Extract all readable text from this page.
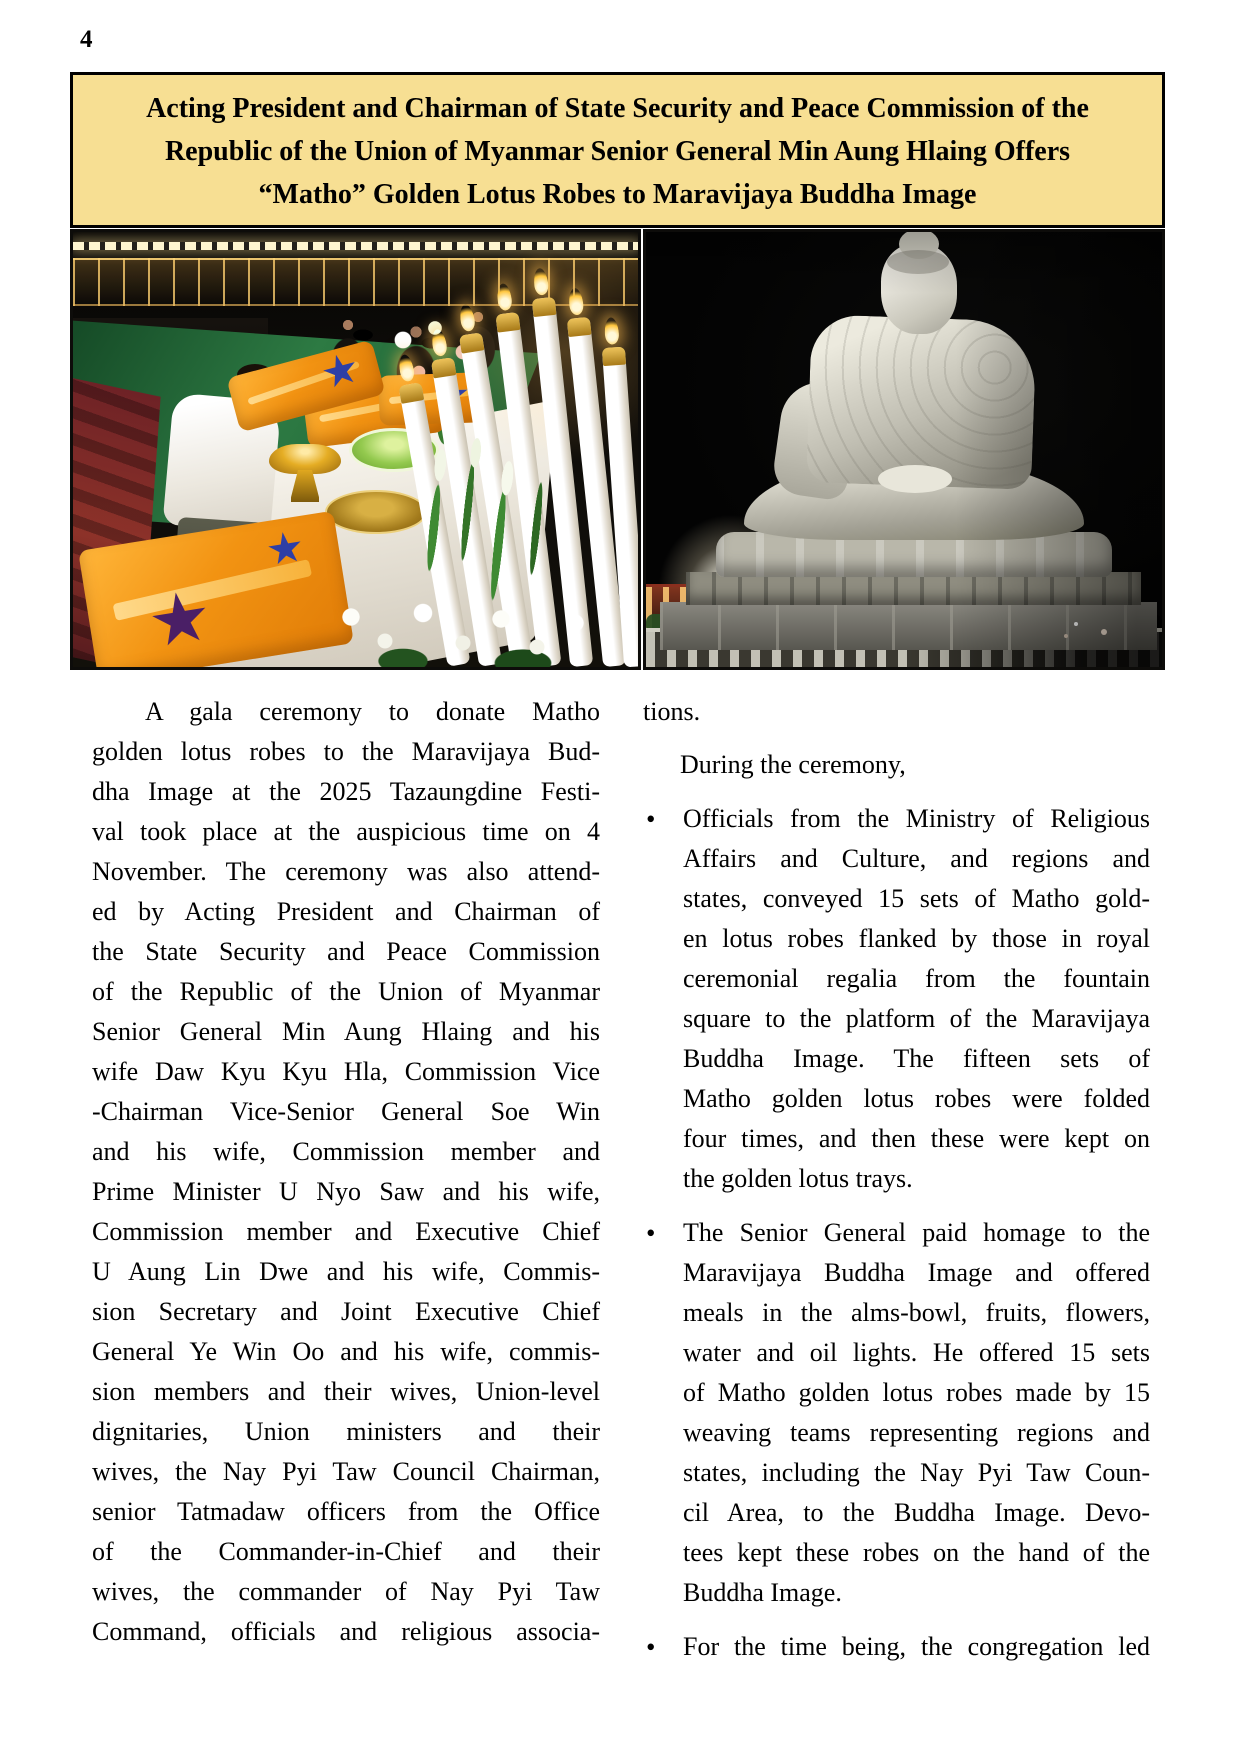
4
Acting President and Chairman of State Security and Peace Commission of the
Republic of the Union of Myanmar Senior General Min Aung Hlaing Offers
“Matho” Golden Lotus Robes to Maravijaya Buddha Image
A gala ceremony to donate Matho
golden lotus robes to the Maravijaya Bud-
dha Image at the 2025 Tazaungdine Festi-
val took place at the auspicious time on 4
November. The ceremony was also attend-
ed by Acting President and Chairman of
the State Security and Peace Commission
of the Republic of the Union of Myanmar
Senior General Min Aung Hlaing and his
wife Daw Kyu Kyu Hla, Commission Vice
-Chairman Vice-Senior General Soe Win
and his wife, Commission member and
Prime Minister U Nyo Saw and his wife,
Commission member and Executive Chief
U Aung Lin Dwe and his wife, Commis-
sion Secretary and Joint Executive Chief
General Ye Win Oo and his wife, commis-
sion members and their wives, Union-level
dignitaries, Union ministers and their
wives, the Nay Pyi Taw Council Chairman,
senior Tatmadaw officers from the Office
of the Commander-in-Chief and their
wives, the commander of Nay Pyi Taw
Command, officials and religious associa-
tions.
During the ceremony,
•	Officials from the Ministry of Religious
Affairs and Culture, and regions and
states, conveyed 15 sets of Matho gold-
en lotus robes flanked by those in royal
ceremonial regalia from the fountain
square to the platform of the Maravijaya
Buddha Image. The fifteen sets of
Matho golden lotus robes were folded
four times, and then these were kept on
the golden lotus trays.
•	The Senior General paid homage to the
Maravijaya Buddha Image and offered
meals in the alms-bowl, fruits, flowers,
water and oil lights. He offered 15 sets
of Matho golden lotus robes made by 15
weaving teams representing regions and
states, including the Nay Pyi Taw Coun-
cil Area, to the Buddha Image. Devo-
tees kept these robes on the hand of the
Buddha Image.
•	For the time being, the congregation led
